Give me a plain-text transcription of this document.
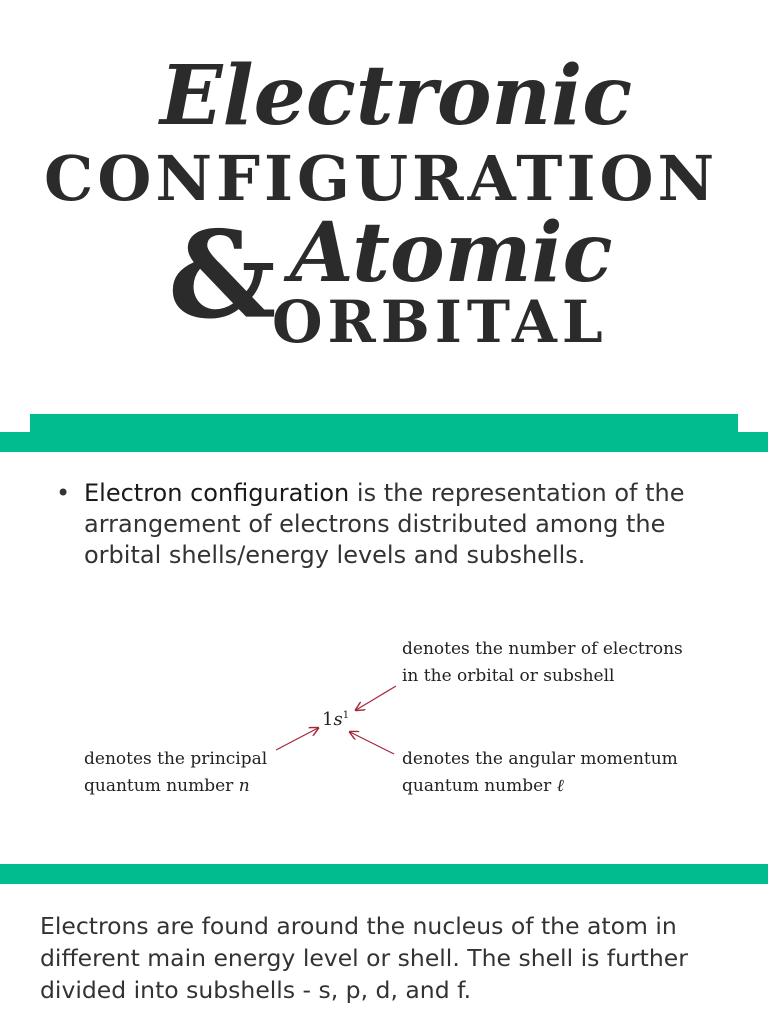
Electronic
CONFIGURATION
& Atomic
ORBITAL
• Electron configuration is the representation of the arrangement of electrons distributed among the orbital shells/energy levels and subshells.
denotes the number of electrons
in the orbital or subshell
$1s^1$
denotes the principal
quantum number n
denotes the angular momentum
quantum number ℓ
Electrons are found around the nucleus of the atom in different main energy level or shell. The shell is further divided into subshells - s, p, d, and f.
